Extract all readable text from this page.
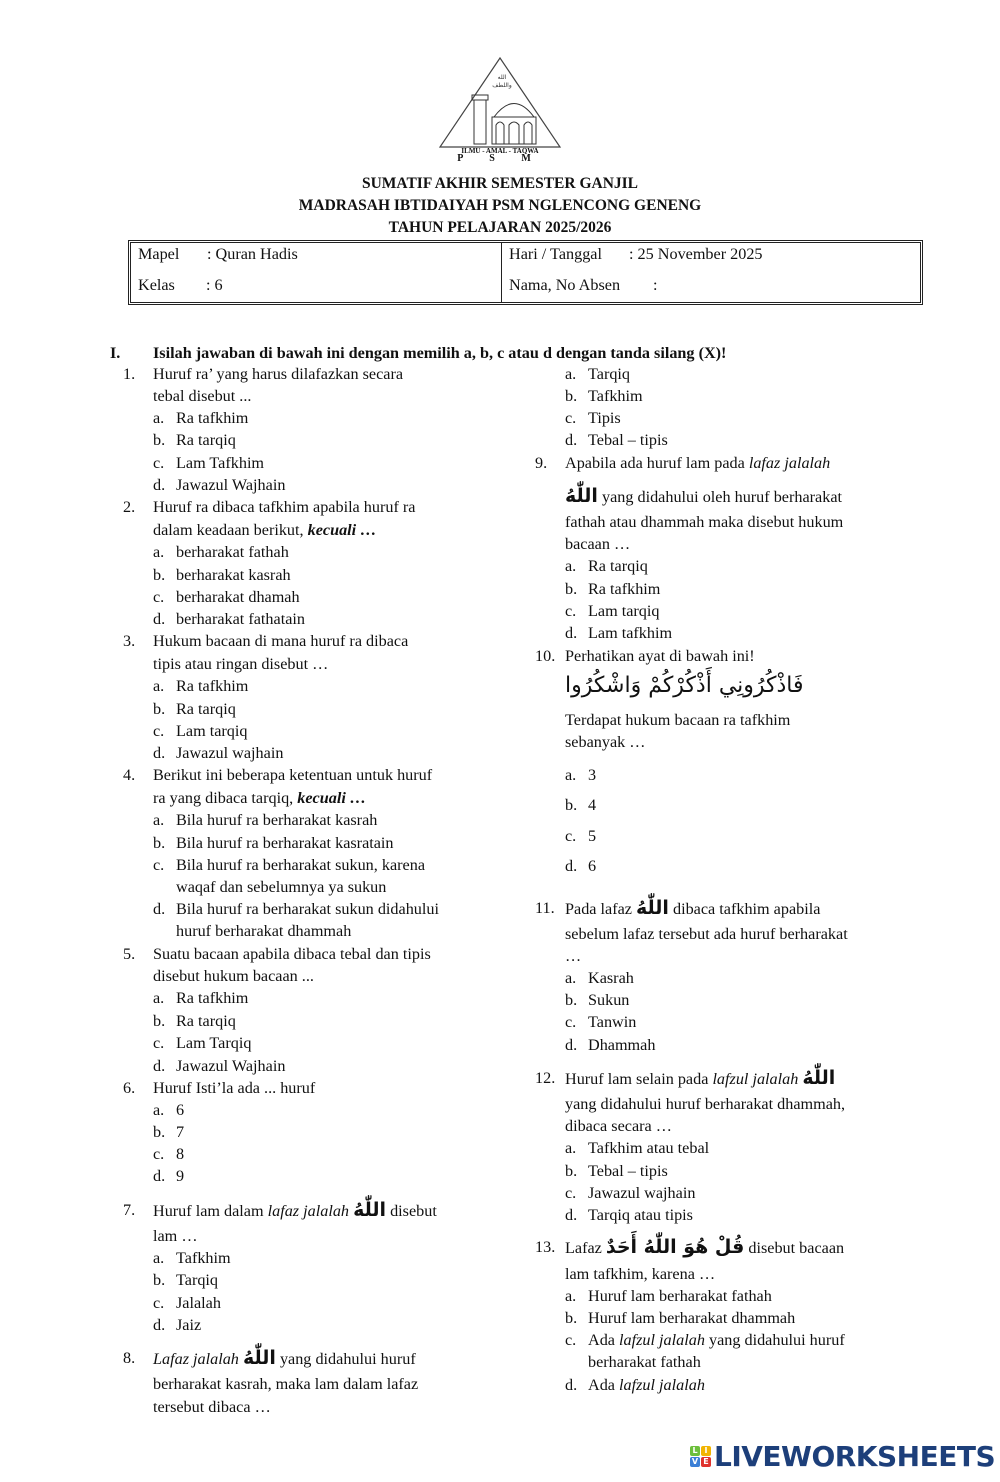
الله
واللطف
ILMU - AMAL - TAQWA
P S M
SUMATIF AKHIR SEMESTER GANJIL
MADRASAH IBTIDAIYAH PSM NGLENCONG GENENG
TAHUN PELAJARAN 2025/2026
Mapel : Quran Hadis
Kelas : 6
Hari / Tanggal : 25 November 2025
Nama, No Absen :
I. Isilah jawaban di bawah ini dengan memilih a, b, c atau d dengan tanda silang (X)!
1. Huruf ra’ yang harus dilafazkan secara
tebal disebut ...
a. Ra tafkhim
b. Ra tarqiq
c. Lam Tafkhim
d. Jawazul Wajhain
2. Huruf ra dibaca tafkhim apabila huruf ra
dalam keadaan berikut, kecuali …
a. berharakat fathah
b. berharakat kasrah
c. berharakat dhamah
d. berharakat fathatain
3. Hukum bacaan di mana huruf ra dibaca
tipis atau ringan disebut …
a. Ra tafkhim
b. Ra tarqiq
c. Lam tarqiq
d. Jawazul wajhain
4. Berikut ini beberapa ketentuan untuk huruf
ra yang dibaca tarqiq, kecuali …
a. Bila huruf ra berharakat kasrah
b. Bila huruf ra berharakat kasratain
c. Bila huruf ra berharakat sukun, karena
waqaf dan sebelumnya ya sukun
d. Bila huruf ra berharakat sukun didahului
huruf berharakat dhammah
5. Suatu bacaan apabila dibaca tebal dan tipis
disebut hukum bacaan ...
a. Ra tafkhim
b. Ra tarqiq
c. Lam Tarqiq
d. Jawazul Wajhain
6. Huruf Isti’la ada ... huruf
a. 6
b. 7
c. 8
d. 9
7. Huruf lam dalam lafaz jalalah اللّٰهُ disebut
lam …
a. Tafkhim
b. Tarqiq
c. Jalalah
d. Jaiz
8. Lafaz jalalah اللّٰهُ yang didahului huruf
berharakat kasrah, maka lam dalam lafaz
tersebut dibaca …
a. Tarqiq
b. Tafkhim
c. Tipis
d. Tebal – tipis
9. Apabila ada huruf lam pada lafaz jalalah
اللّٰهُ yang didahului oleh huruf berharakat
fathah atau dhammah maka disebut hukum
bacaan …
a. Ra tarqiq
b. Ra tafkhim
c. Lam tarqiq
d. Lam tafkhim
10. Perhatikan ayat di bawah ini!
فَاذْكُرُونِي أَذْكُرْكُمْ وَاشْكُرُوا
Terdapat hukum bacaan ra tafkhim
sebanyak …
a. 3
b. 4
c. 5
d. 6
11. Pada lafaz اللّٰهُ dibaca tafkhim apabila
sebelum lafaz tersebut ada huruf berharakat
…
a. Kasrah
b. Sukun
c. Tanwin
d. Dhammah
12. Huruf lam selain pada lafzul jalalah اللّٰهُ
yang didahului huruf berharakat dhammah,
dibaca secara …
a. Tafkhim atau tebal
b. Tebal – tipis
c. Jawazul wajhain
d. Tarqiq atau tipis
13. Lafaz قُلْ هُوَ اللّٰهُ أَحَدٌ disebut bacaan
lam tafkhim, karena …
a. Huruf lam berharakat fathah
b. Huruf lam berharakat dhammah
c. Ada lafzul jalalah yang didahului huruf
berharakat fathah
d. Ada lafzul jalalah
L I
V E LIVEWORKSHEETS
